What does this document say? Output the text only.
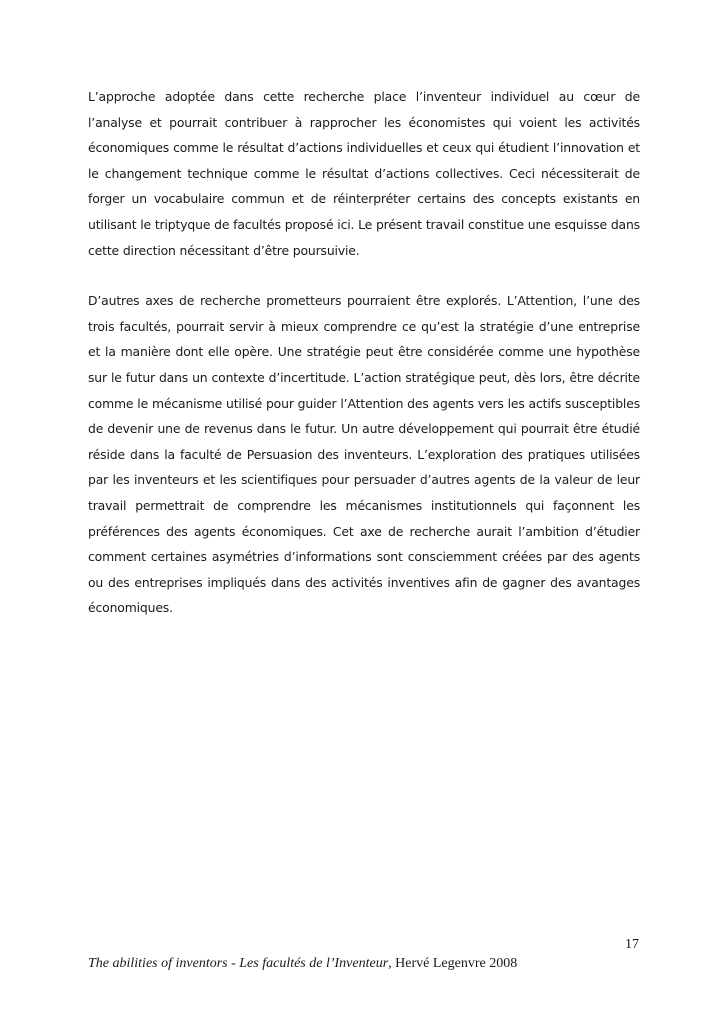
L’approche adoptée dans cette recherche place l’inventeur individuel au cœur de l’analyse et pourrait contribuer à rapprocher les économistes qui voient les activités économiques comme le résultat d’actions individuelles et ceux qui étudient l’innovation et le changement technique comme le résultat d’actions collectives. Ceci nécessiterait de forger un vocabulaire commun et de réinterpréter certains des concepts existants en utilisant le triptyque de facultés proposé ici. Le présent travail constitue une esquisse dans cette direction nécessitant d’être poursuivie.

D’autres axes de recherche prometteurs pourraient être explorés. L’Attention, l’une des trois facultés, pourrait servir à mieux comprendre ce qu’est la stratégie d’une entreprise et la manière dont elle opère. Une stratégie peut être considérée comme une hypothèse sur le futur dans un contexte d’incertitude. L’action stratégique peut, dès lors, être décrite comme le mécanisme utilisé pour guider l’Attention des agents vers les actifs susceptibles de devenir une de revenus dans le futur. Un autre développement qui pourrait être étudié réside dans la faculté de Persuasion des inventeurs. L’exploration des pratiques utilisées par les inventeurs et les scientifiques pour persuader d’autres agents de la valeur de leur travail permettrait de comprendre les mécanismes institutionnels qui façonnent les préférences des agents économiques. Cet axe de recherche aurait l’ambition d’étudier comment certaines asymétries d’informations sont consciemment créées par des agents ou des entreprises impliqués dans des activités inventives afin de gagner des avantages économiques.

17
The abilities of inventors - Les facultés de l’Inventeur, Hervé Legenvre 2008
